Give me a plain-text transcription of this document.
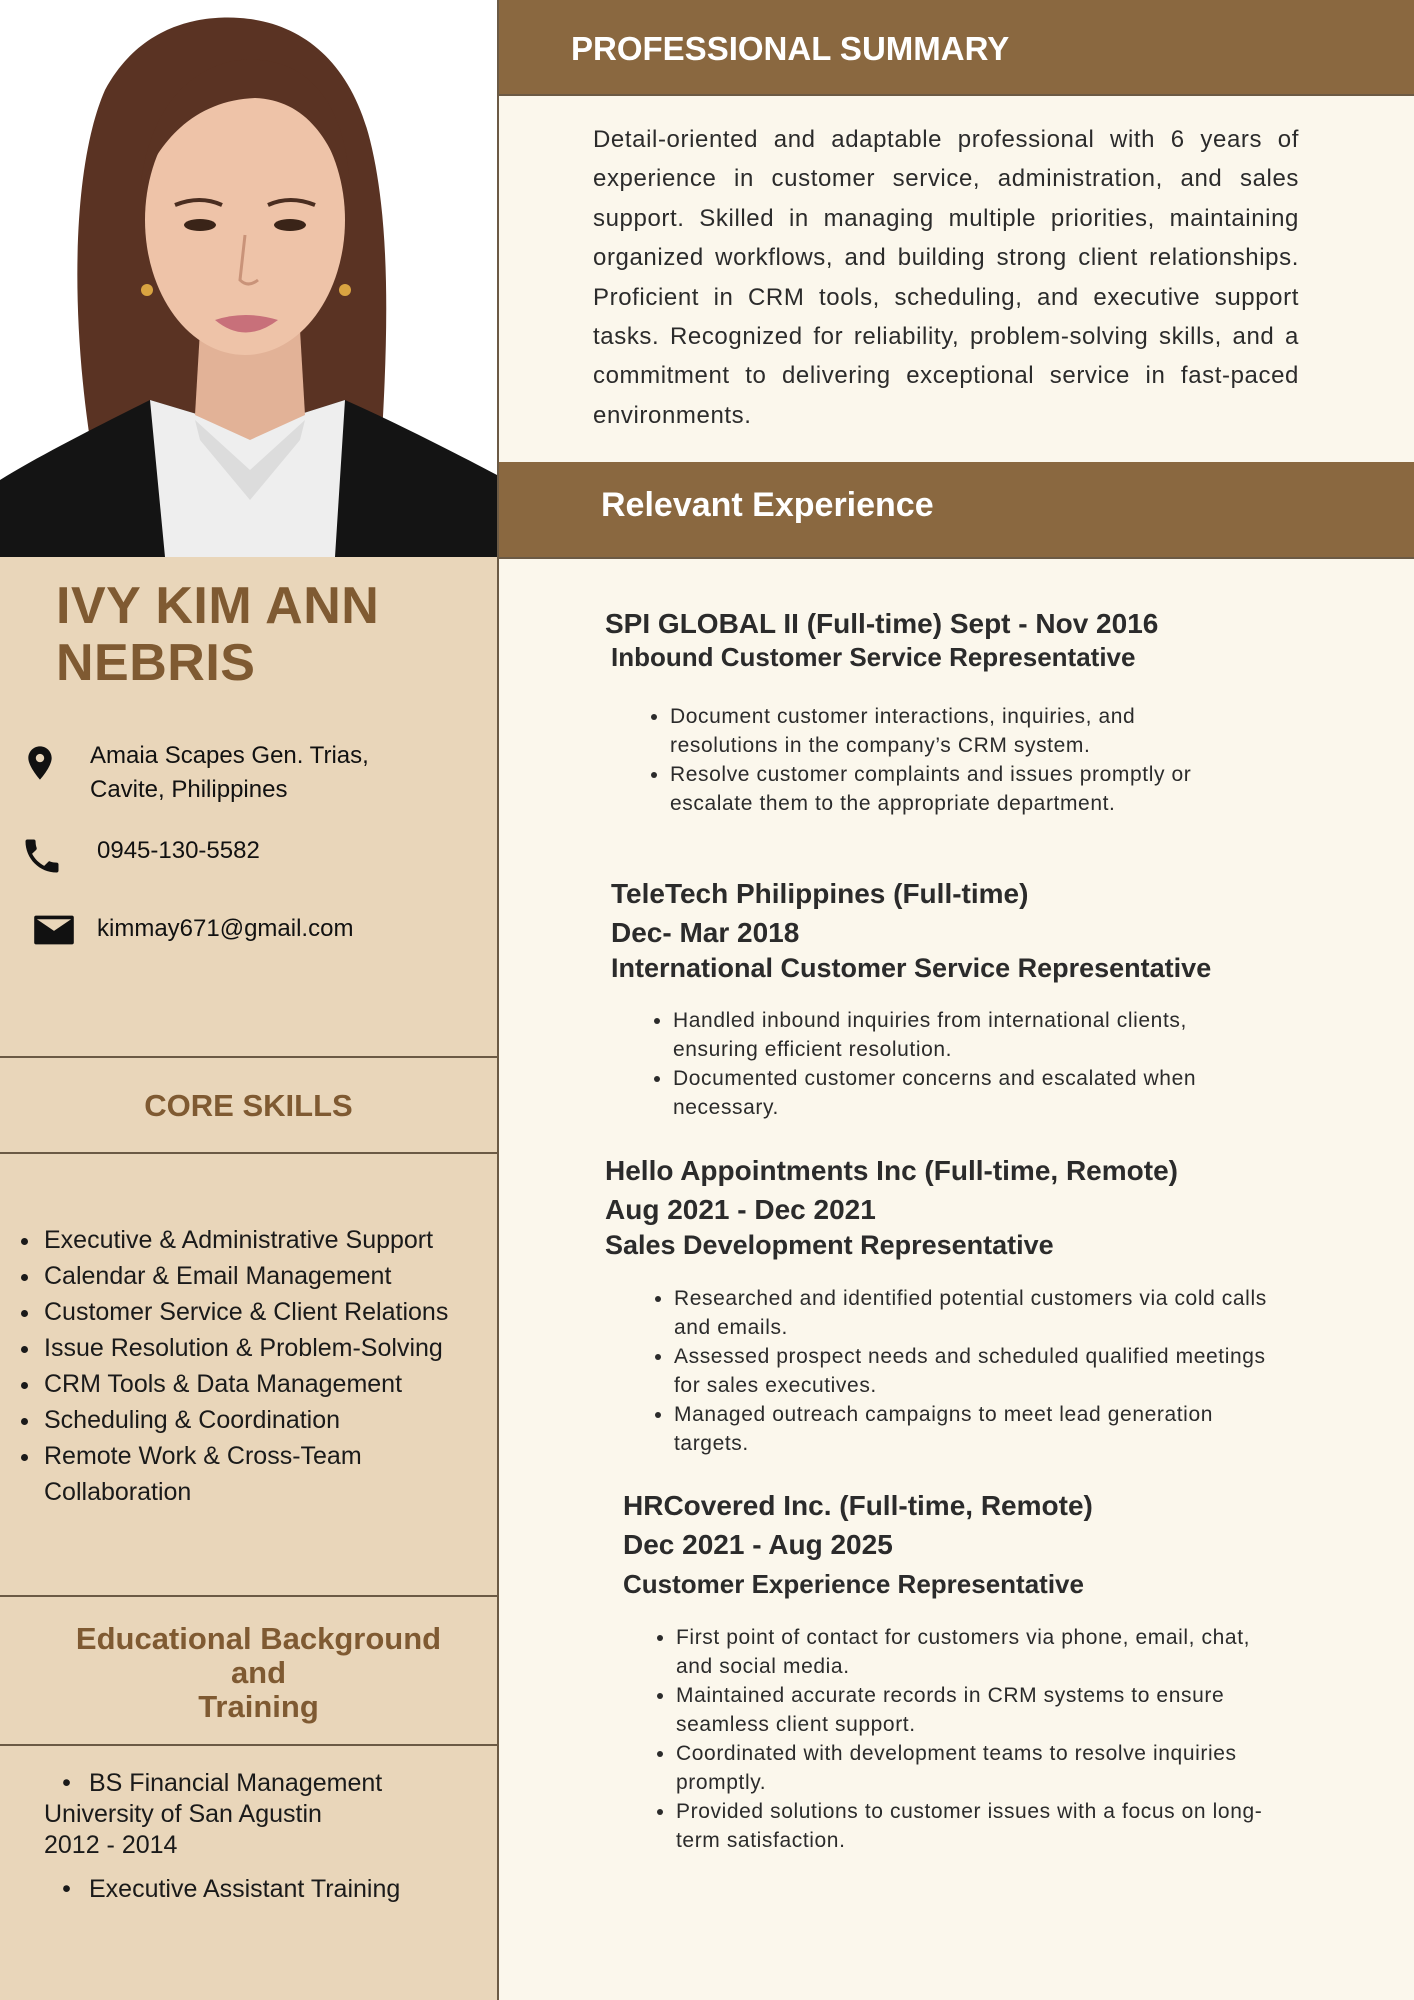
IVY KIM ANN
NEBRIS
Amaia Scapes Gen. Trias,
Cavite, Philippines
0945-130-5582
kimmay671@gmail.com
CORE SKILLS
• Executive & Administrative Support
• Calendar & Email Management
• Customer Service & Client Relations
• Issue Resolution & Problem-Solving
• CRM Tools & Data Management
• Scheduling & Coordination
• Remote Work & Cross-Team
Collaboration
Educational Background
and
Training
• BS Financial Management
University of San Agustin
2012 - 2014
• Executive Assistant Training
PROFESSIONAL SUMMARY
Detail-oriented and adaptable professional with 6 years of experience in customer service, administration, and sales support. Skilled in managing multiple priorities, maintaining organized workflows, and building strong client relationships. Proficient in CRM tools, scheduling, and executive support tasks. Recognized for reliability, problem-solving skills, and a commitment to delivering exceptional service in fast-paced environments.
Relevant Experience
SPI GLOBAL II (Full-time) Sept - Nov 2016
Inbound Customer Service Representative
• Document customer interactions, inquiries, and resolutions in the company’s CRM system.
• Resolve customer complaints and issues promptly or escalate them to the appropriate department.
TeleTech Philippines (Full-time)
Dec- Mar 2018
International Customer Service Representative
• Handled inbound inquiries from international clients, ensuring efficient resolution.
• Documented customer concerns and escalated when necessary.
Hello Appointments Inc (Full-time, Remote)
Aug 2021 - Dec 2021
Sales Development Representative
• Researched and identified potential customers via cold calls and emails.
• Assessed prospect needs and scheduled qualified meetings for sales executives.
• Managed outreach campaigns to meet lead generation targets.
HRCovered Inc. (Full-time, Remote)
Dec 2021 - Aug 2025
Customer Experience Representative
• First point of contact for customers via phone, email, chat, and social media.
• Maintained accurate records in CRM systems to ensure seamless client support.
• Coordinated with development teams to resolve inquiries promptly.
• Provided solutions to customer issues with a focus on long-term satisfaction.
